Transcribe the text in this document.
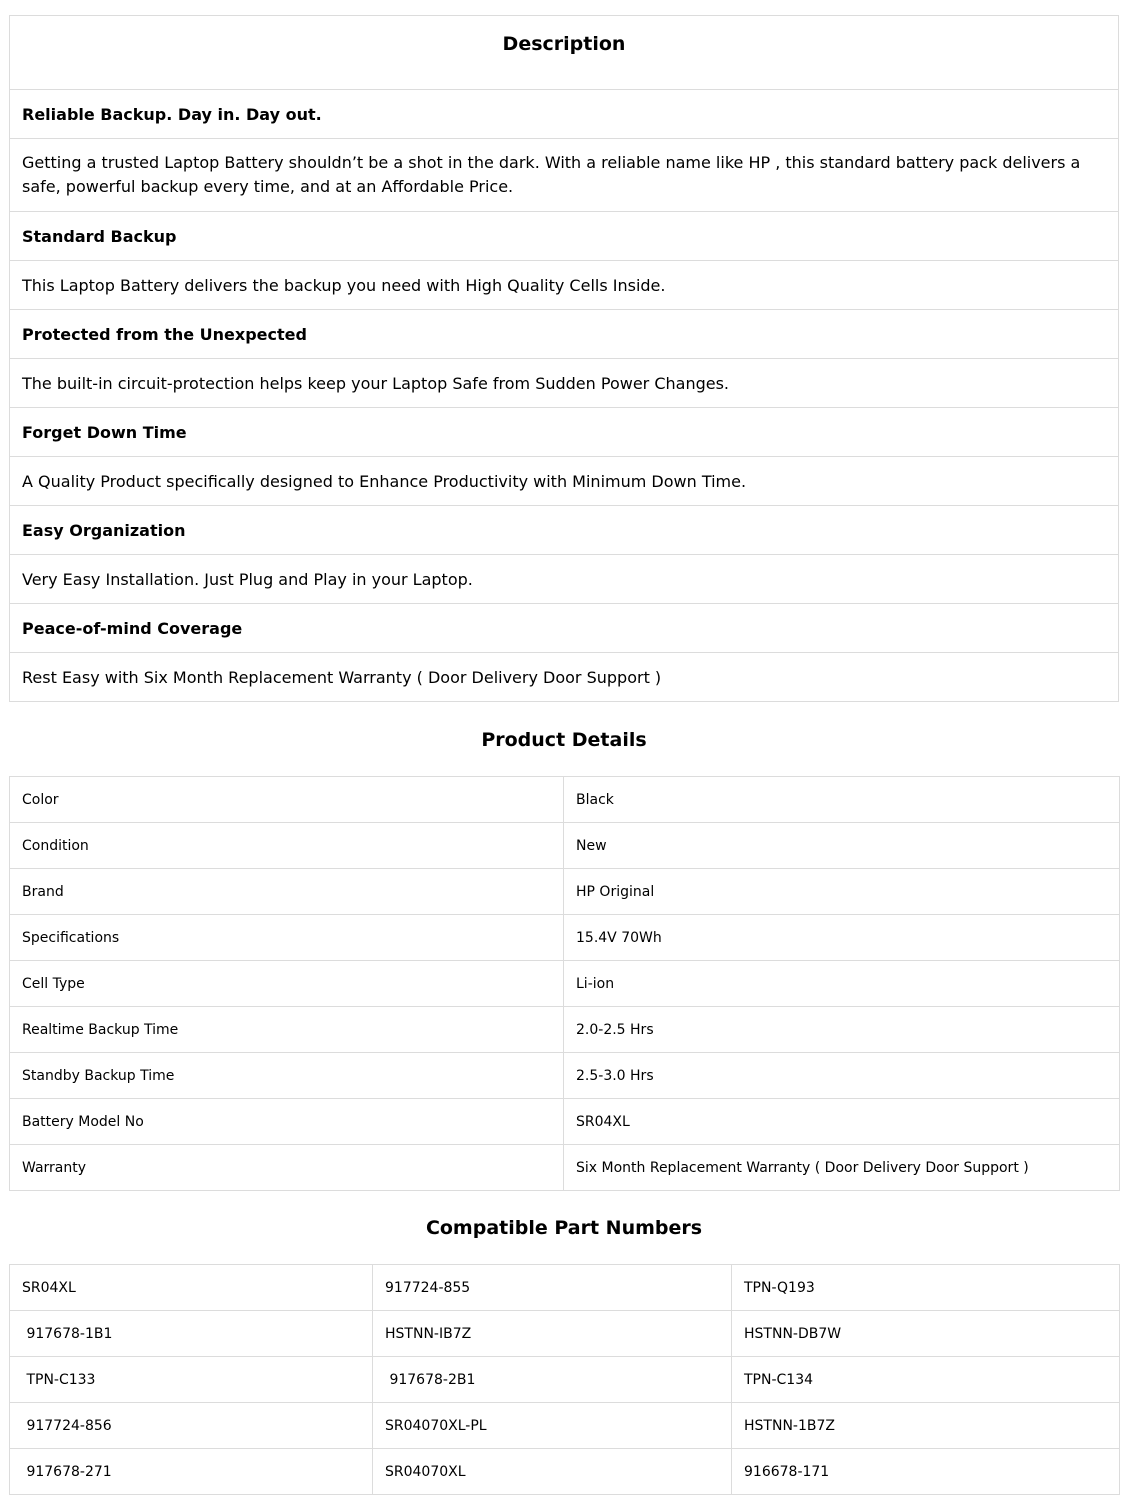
Description

Reliable Backup. Day in. Day out.
Getting a trusted Laptop Battery shouldn’t be a shot in the dark. With a reliable name like HP , this standard battery pack delivers a safe, powerful backup every time, and at an Affordable Price.
Standard Backup
This Laptop Battery delivers the backup you need with High Quality Cells Inside.
Protected from the Unexpected
The built-in circuit-protection helps keep your Laptop Safe from Sudden Power Changes.
Forget Down Time
A Quality Product specifically designed to Enhance Productivity with Minimum Down Time.
Easy Organization
Very Easy Installation. Just Plug and Play in your Laptop.
Peace-of-mind Coverage
Rest Easy with Six Month Replacement Warranty ( Door Delivery Door Support )
Product Details
Color	Black
Condition	New
Brand	HP Original
Specifications	15.4V 70Wh
Cell Type	Li-ion
Realtime Backup Time	2.0-2.5 Hrs
Standby Backup Time	2.5-3.0 Hrs
Battery Model No	SR04XL
Warranty	Six Month Replacement Warranty ( Door Delivery Door Support )
Compatible Part Numbers
SR04XL	917724-855	TPN-Q193
917678-1B1	HSTNN-IB7Z	HSTNN-DB7W
TPN-C133	917678-2B1	TPN-C134
917724-856	SR04070XL-PL	HSTNN-1B7Z
917678-271	SR04070XL	916678-171
